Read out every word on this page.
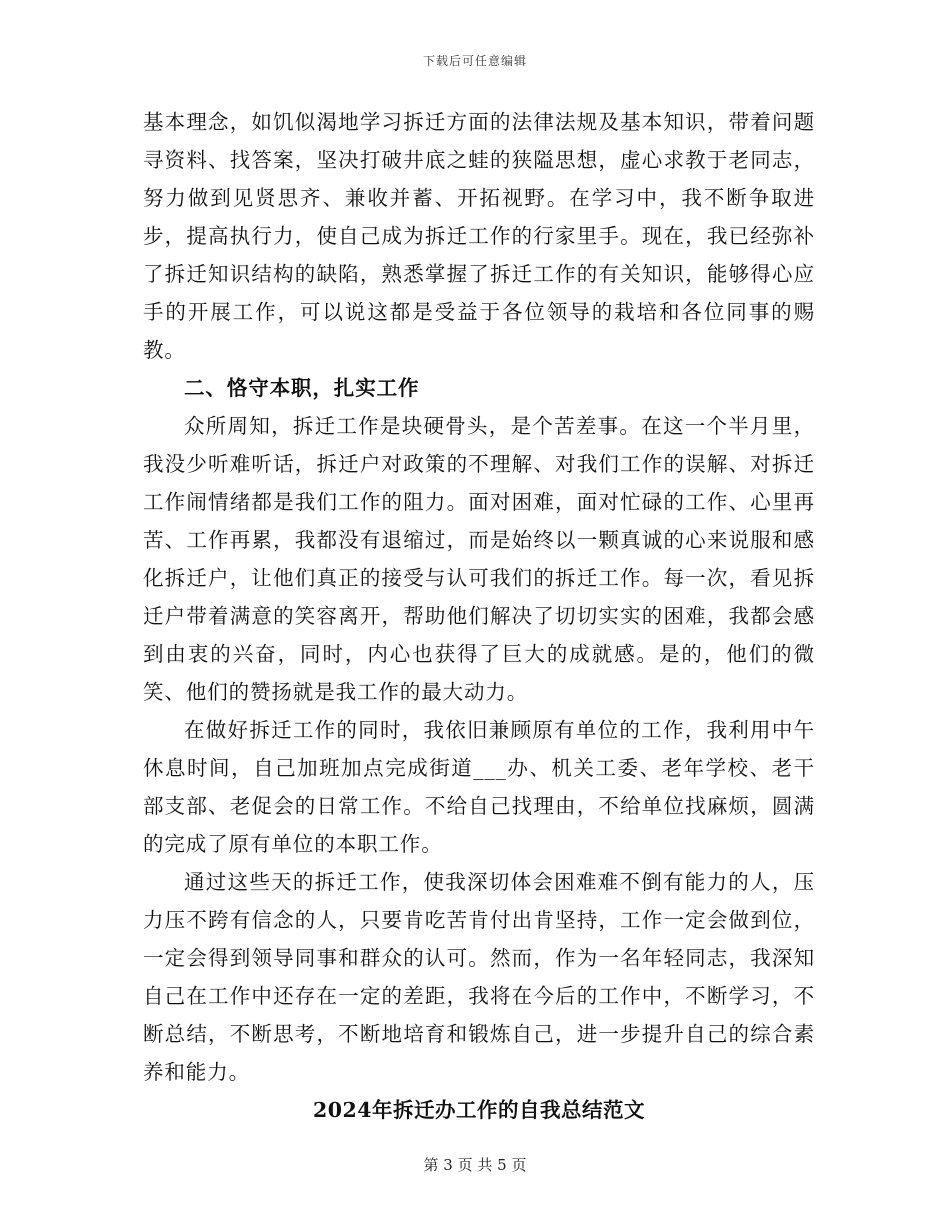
下载后可任意编辑

基本理念，如饥似渴地学习拆迁方面的法律法规及基本知识，带着问题寻资料、找答案，坚决打破井底之蛙的狭隘思想，虚心求教于老同志，努力做到见贤思齐、兼收并蓄、开拓视野。在学习中，我不断争取进步，提高执行力，使自己成为拆迁工作的行家里手。现在，我已经弥补了拆迁知识结构的缺陷，熟悉掌握了拆迁工作的有关知识，能够得心应手的开展工作，可以说这都是受益于各位领导的栽培和各位同事的赐教。

二、恪守本职，扎实工作

众所周知，拆迁工作是块硬骨头，是个苦差事。在这一个半月里，我没少听难听话，拆迁户对政策的不理解、对我们工作的误解、对拆迁工作闹情绪都是我们工作的阻力。面对困难，面对忙碌的工作、心里再苦、工作再累，我都没有退缩过，而是始终以一颗真诚的心来说服和感化拆迁户，让他们真正的接受与认可我们的拆迁工作。每一次，看见拆迁户带着满意的笑容离开，帮助他们解决了切切实实的困难，我都会感到由衷的兴奋，同时，内心也获得了巨大的成就感。是的，他们的微笑、他们的赞扬就是我工作的最大动力。

在做好拆迁工作的同时，我依旧兼顾原有单位的工作，我利用中午休息时间，自己加班加点完成街道___办、机关工委、老年学校、老干部支部、老促会的日常工作。不给自己找理由，不给单位找麻烦，圆满的完成了原有单位的本职工作。

通过这些天的拆迁工作，使我深切体会困难难不倒有能力的人，压力压不跨有信念的人，只要肯吃苦肯付出肯坚持，工作一定会做到位，一定会得到领导同事和群众的认可。然而，作为一名年轻同志，我深知自己在工作中还存在一定的差距，我将在今后的工作中，不断学习，不断总结，不断思考，不断地培育和锻炼自己，进一步提升自己的综合素养和能力。

2024年拆迁办工作的自我总结范文

第 3 页 共 5 页
